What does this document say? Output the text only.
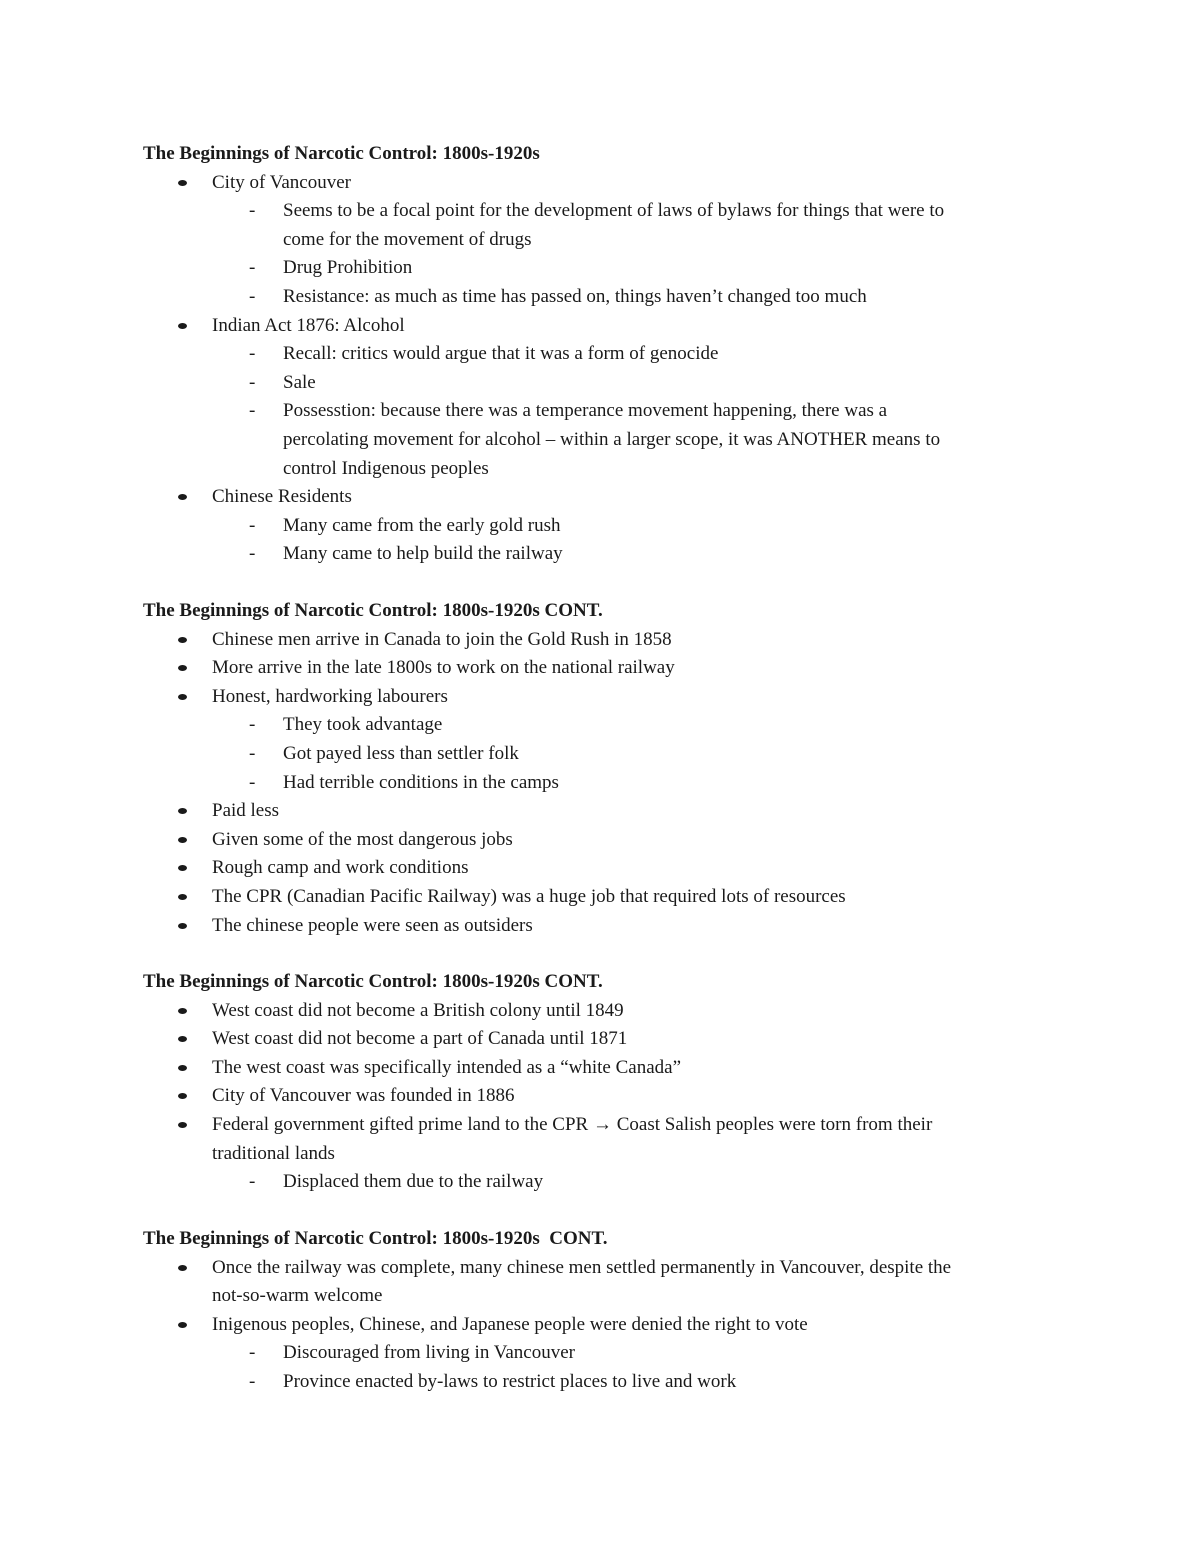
The Beginnings of Narcotic Control: 1800s-1920s
City of Vancouver
- Seems to be a focal point for the development of laws of bylaws for things that were to
come for the movement of drugs
- Drug Prohibition
- Resistance: as much as time has passed on, things haven’t changed too much
Indian Act 1876: Alcohol
- Recall: critics would argue that it was a form of genocide
- Sale
- Possesstion: because there was a temperance movement happening, there was a
percolating movement for alcohol – within a larger scope, it was ANOTHER means to
control Indigenous peoples
Chinese Residents
- Many came from the early gold rush
- Many came to help build the railway
The Beginnings of Narcotic Control: 1800s-1920s CONT.
Chinese men arrive in Canada to join the Gold Rush in 1858
More arrive in the late 1800s to work on the national railway
Honest, hardworking labourers
- They took advantage
- Got payed less than settler folk
- Had terrible conditions in the camps
Paid less
Given some of the most dangerous jobs
Rough camp and work conditions
The CPR (Canadian Pacific Railway) was a huge job that required lots of resources
The chinese people were seen as outsiders
The Beginnings of Narcotic Control: 1800s-1920s CONT.
West coast did not become a British colony until 1849
West coast did not become a part of Canada until 1871
The west coast was specifically intended as a “white Canada”
City of Vancouver was founded in 1886
Federal government gifted prime land to the CPR → Coast Salish peoples were torn from their
traditional lands
- Displaced them due to the railway
The Beginnings of Narcotic Control: 1800s-1920s  CONT.
Once the railway was complete, many chinese men settled permanently in Vancouver, despite the
not-so-warm welcome
Inigenous peoples, Chinese, and Japanese people were denied the right to vote
- Discouraged from living in Vancouver
- Province enacted by-laws to restrict places to live and work
